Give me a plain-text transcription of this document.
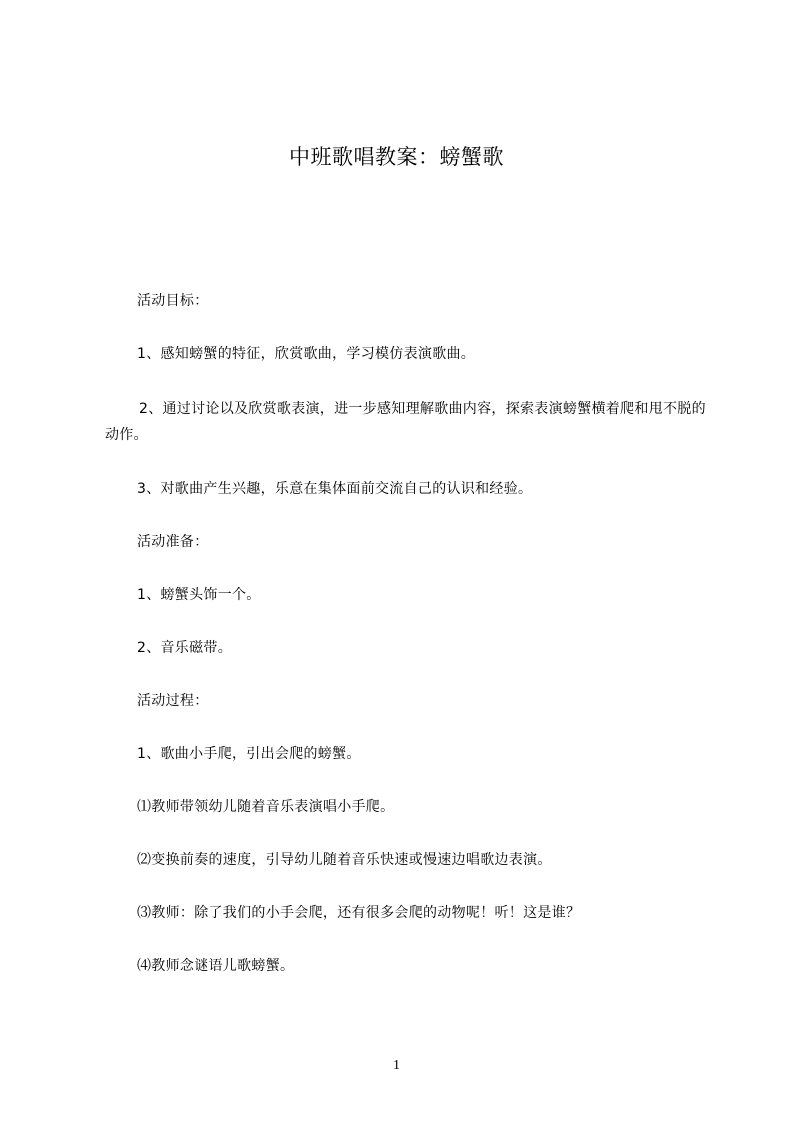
中班歌唱教案：螃蟹歌
活动目标：
1、感知螃蟹的特征，欣赏歌曲，学习模仿表演歌曲。
2、通过讨论以及欣赏歌表演，进一步感知理解歌曲内容，探索表演螃蟹横着爬和甩不脱的动作。
3、对歌曲产生兴趣，乐意在集体面前交流自己的认识和经验。
活动准备：
1、螃蟹头饰一个。
2、音乐磁带。
活动过程：
1、歌曲小手爬，引出会爬的螃蟹。
⑴教师带领幼儿随着音乐表演唱小手爬。
⑵变换前奏的速度，引导幼儿随着音乐快速或慢速边唱歌边表演。
⑶教师：除了我们的小手会爬，还有很多会爬的动物呢！听！这是谁？
⑷教师念谜语儿歌螃蟹。
1
